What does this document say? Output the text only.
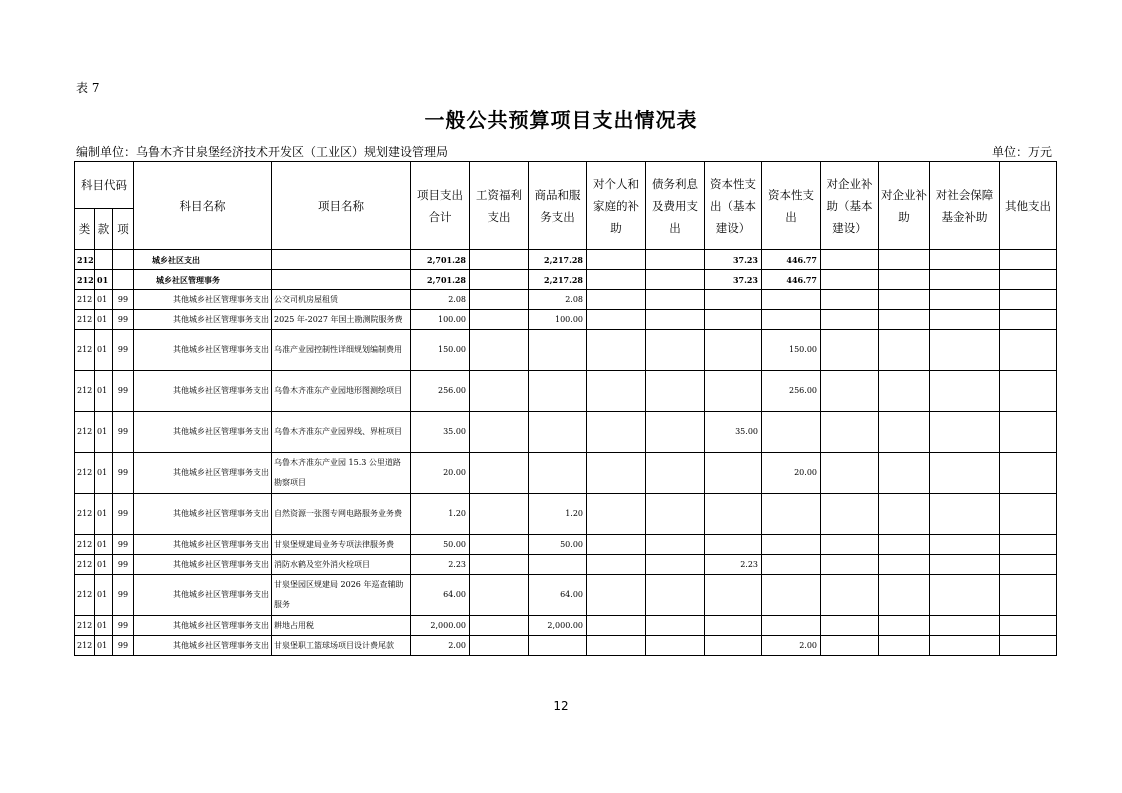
表 7
一般公共预算项目支出情况表
编制单位：乌鲁木齐甘泉堡经济技术开发区（工业区）规划建设管理局	单位：万元
科目代码			科目名称	项目名称	项目支出合计	工资福利支出	商品和服务支出	对个人和家庭的补助	债务利息及费用支出	资本性支出（基本建设）	资本性支出	对企业补助（基本建设）	对企业补助	对社会保障基金补助	其他支出
类	款	项													
212			城乡社区支出		2,701.28		2,217.28			37.23	446.77				
212	01		城乡社区管理事务		2,701.28		2,217.28			37.23	446.77				
212	01	99	其他城乡社区管理事务支出	公交司机房屋租赁	2.08		2.08								
212	01	99	其他城乡社区管理事务支出	2025 年-2027 年国土勘测院服务费	100.00		100.00								
212	01	99	其他城乡社区管理事务支出	乌准产业园控制性详细规划编制费用	150.00						150.00				
212	01	99	其他城乡社区管理事务支出	乌鲁木齐准东产业园地形图测绘项目	256.00						256.00				
212	01	99	其他城乡社区管理事务支出	乌鲁木齐准东产业园界线、界桩项目	35.00					35.00					
212	01	99	其他城乡社区管理事务支出	乌鲁木齐准东产业园 15.3 公里道路勘察项目	20.00						20.00				
212	01	99	其他城乡社区管理事务支出	自然资源一张图专网电路服务业务费	1.20		1.20								
212	01	99	其他城乡社区管理事务支出	甘泉堡规建局业务专项法律服务费	50.00		50.00								
212	01	99	其他城乡社区管理事务支出	消防水鹤及室外消火栓项目	2.23					2.23					
212	01	99	其他城乡社区管理事务支出	甘泉堡园区规建局 2026 年巡查辅助服务	64.00		64.00								
212	01	99	其他城乡社区管理事务支出	耕地占用税	2,000.00		2,000.00								
212	01	99	其他城乡社区管理事务支出	甘泉堡职工篮球场项目设计费尾款	2.00						2.00				
12
